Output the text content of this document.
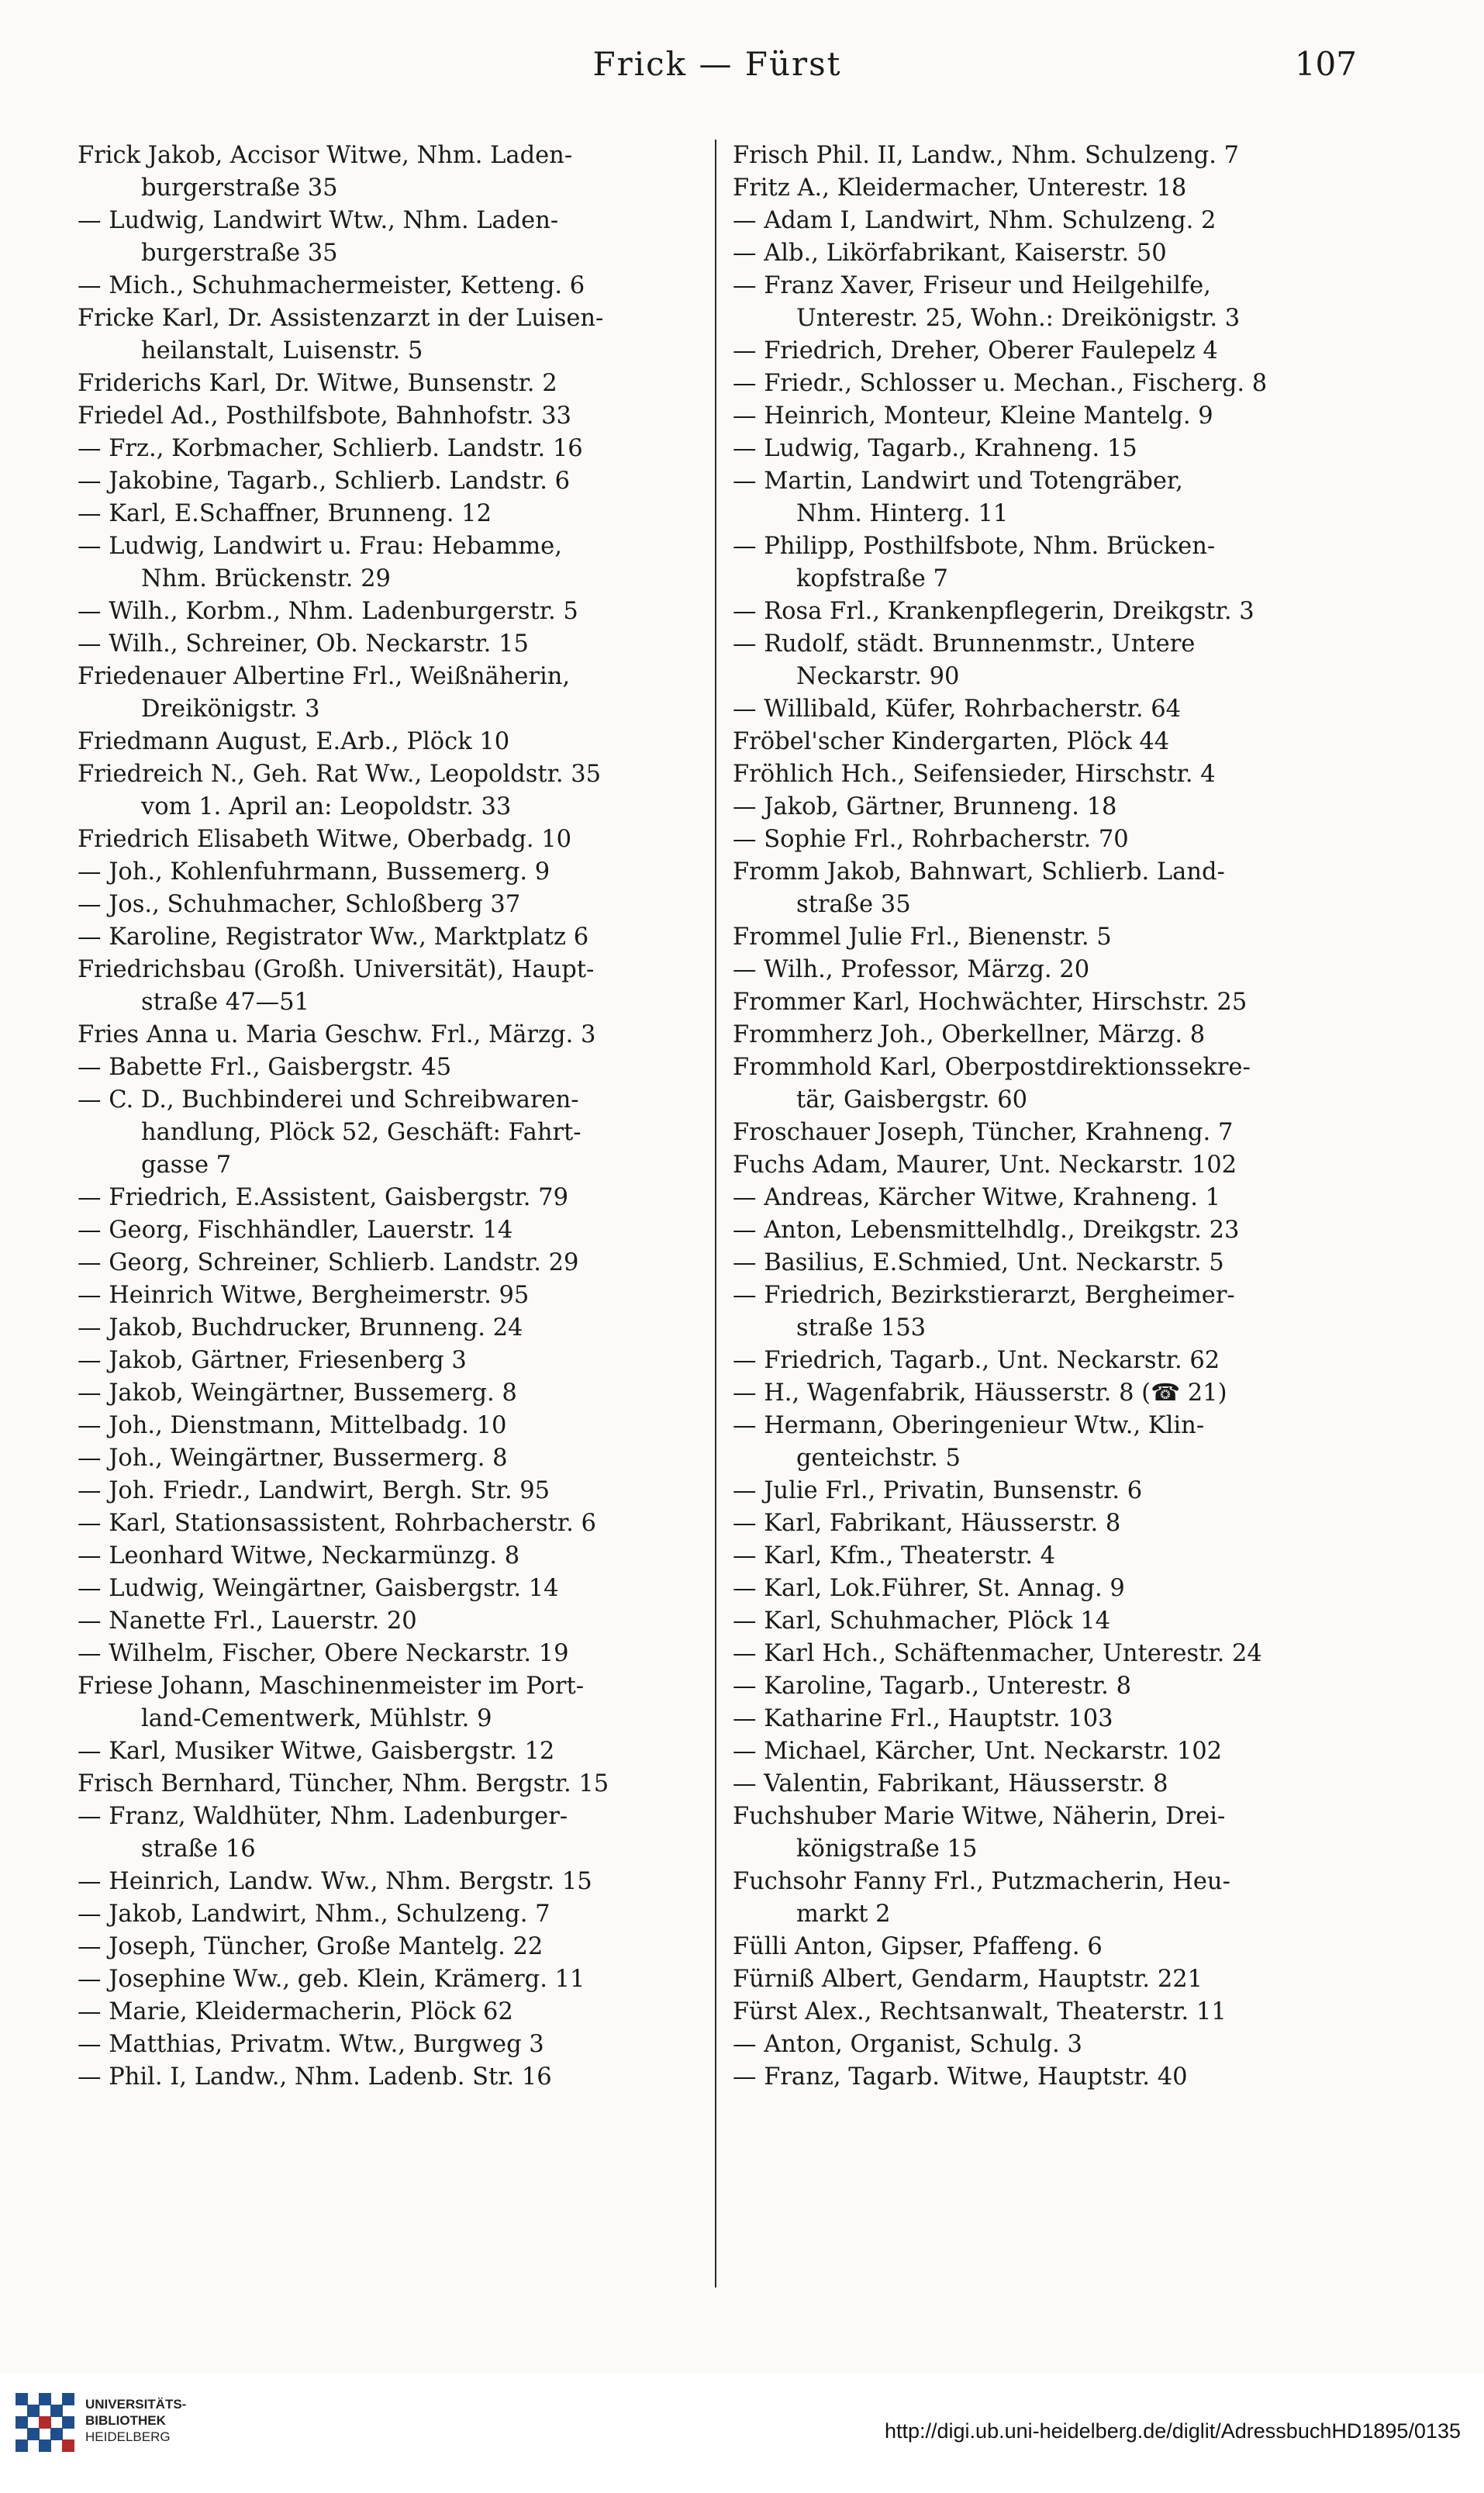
Frick — Fürst	107

Frick Jakob, Accisor Witwe, Nhm. Laden-

burgerstraße 35

— Ludwig, Landwirt Wtw., Nhm. Laden-

burgerstraße 35

— Mich., Schuhmachermeister, Ketteng. 6

Fricke Karl, Dr. Assistenzarzt in der Luisen-

heilanstalt, Luisenstr. 5

Friderichs Karl, Dr. Witwe, Bunsenstr. 2

Friedel Ad., Posthilfsbote, Bahnhofstr. 33

— Frz., Korbmacher, Schlierb. Landstr. 16

— Jakobine, Tagarb., Schlierb. Landstr. 6

— Karl, E.Schaffner, Brunneng. 12

— Ludwig, Landwirt u. Frau: Hebamme,

Nhm. Brückenstr. 29

— Wilh., Korbm., Nhm. Ladenburgerstr. 5

— Wilh., Schreiner, Ob. Neckarstr. 15

Friedenauer Albertine Frl., Weißnäherin,

Dreikönigstr. 3

Friedmann August, E.Arb., Plöck 10

Friedreich N., Geh. Rat Ww., Leopoldstr. 35

vom 1. April an: Leopoldstr. 33

Friedrich Elisabeth Witwe, Oberbadg. 10

— Joh., Kohlenfuhrmann, Bussemerg. 9

— Jos., Schuhmacher, Schloßberg 37

— Karoline, Registrator Ww., Marktplatz 6

Friedrichsbau (Großh. Universität), Haupt-

straße 47—51

Fries Anna u. Maria Geschw. Frl., Märzg. 3

— Babette Frl., Gaisbergstr. 45

— C. D., Buchbinderei und Schreibwaren-

handlung, Plöck 52, Geschäft: Fahrt-

gasse 7

— Friedrich, E.Assistent, Gaisbergstr. 79

— Georg, Fischhändler, Lauerstr. 14

— Georg, Schreiner, Schlierb. Landstr. 29

— Heinrich Witwe, Bergheimerstr. 95

— Jakob, Buchdrucker, Brunneng. 24

— Jakob, Gärtner, Friesenberg 3

— Jakob, Weingärtner, Bussemerg. 8

— Joh., Dienstmann, Mittelbadg. 10

— Joh., Weingärtner, Bussermerg. 8

— Joh. Friedr., Landwirt, Bergh. Str. 95

— Karl, Stationsassistent, Rohrbacherstr. 6

— Leonhard Witwe, Neckarmünzg. 8

— Ludwig, Weingärtner, Gaisbergstr. 14

— Nanette Frl., Lauerstr. 20

— Wilhelm, Fischer, Obere Neckarstr. 19

Friese Johann, Maschinenmeister im Port-

land-Cementwerk, Mühlstr. 9

— Karl, Musiker Witwe, Gaisbergstr. 12

Frisch Bernhard, Tüncher, Nhm. Bergstr. 15

— Franz, Waldhüter, Nhm. Ladenburger-

straße 16

— Heinrich, Landw. Ww., Nhm. Bergstr. 15

— Jakob, Landwirt, Nhm., Schulzeng. 7

— Joseph, Tüncher, Große Mantelg. 22

— Josephine Ww., geb. Klein, Krämerg. 11

— Marie, Kleidermacherin, Plöck 62

— Matthias, Privatm. Wtw., Burgweg 3

— Phil. I, Landw., Nhm. Ladenb. Str. 16

Frisch Phil. II, Landw., Nhm. Schulzeng. 7

Fritz A., Kleidermacher, Unterestr. 18

— Adam I, Landwirt, Nhm. Schulzeng. 2

— Alb., Likörfabrikant, Kaiserstr. 50

— Franz Xaver, Friseur und Heilgehilfe,

Unterestr. 25, Wohn.: Dreikönigstr. 3

— Friedrich, Dreher, Oberer Faulepelz 4

— Friedr., Schlosser u. Mechan., Fischerg. 8

— Heinrich, Monteur, Kleine Mantelg. 9

— Ludwig, Tagarb., Krahneng. 15

— Martin, Landwirt und Totengräber,

Nhm. Hinterg. 11

— Philipp, Posthilfsbote, Nhm. Brücken-

kopfstraße 7

— Rosa Frl., Krankenpflegerin, Dreikgstr. 3

— Rudolf, städt. Brunnenmstr., Untere

Neckarstr. 90

— Willibald, Küfer, Rohrbacherstr. 64

Fröbel'scher Kindergarten, Plöck 44

Fröhlich Hch., Seifensieder, Hirschstr. 4

— Jakob, Gärtner, Brunneng. 18

— Sophie Frl., Rohrbacherstr. 70

Fromm Jakob, Bahnwart, Schlierb. Land-

straße 35

Frommel Julie Frl., Bienenstr. 5

— Wilh., Professor, Märzg. 20

Frommer Karl, Hochwächter, Hirschstr. 25

Frommherz Joh., Oberkellner, Märzg. 8

Frommhold Karl, Oberpostdirektionssekre-

tär, Gaisbergstr. 60

Froschauer Joseph, Tüncher, Krahneng. 7

Fuchs Adam, Maurer, Unt. Neckarstr. 102

— Andreas, Kärcher Witwe, Krahneng. 1

— Anton, Lebensmittelhdlg., Dreikgstr. 23

— Basilius, E.Schmied, Unt. Neckarstr. 5

— Friedrich, Bezirkstierarzt, Bergheimer-

straße 153

— Friedrich, Tagarb., Unt. Neckarstr. 62

— H., Wagenfabrik, Häusserstr. 8 (☎ 21)

— Hermann, Oberingenieur Wtw., Klin-

genteichstr. 5

— Julie Frl., Privatin, Bunsenstr. 6

— Karl, Fabrikant, Häusserstr. 8

— Karl, Kfm., Theaterstr. 4

— Karl, Lok.Führer, St. Annag. 9

— Karl, Schuhmacher, Plöck 14

— Karl Hch., Schäftenmacher, Unterestr. 24

— Karoline, Tagarb., Unterestr. 8

— Katharine Frl., Hauptstr. 103

— Michael, Kärcher, Unt. Neckarstr. 102

— Valentin, Fabrikant, Häusserstr. 8

Fuchshuber Marie Witwe, Näherin, Drei-

königstraße 15

Fuchsohr Fanny Frl., Putzmacherin, Heu-

markt 2

Fülli Anton, Gipser, Pfaffeng. 6

Fürniß Albert, Gendarm, Hauptstr. 221

Fürst Alex., Rechtsanwalt, Theaterstr. 11

— Anton, Organist, Schulg. 3

— Franz, Tagarb. Witwe, Hauptstr. 40

UNIVERSITÄTS-
BIBLIOTHEK
HEIDELBERG	http://digi.ub.uni-heidelberg.de/diglit/AdressbuchHD1895/0135
